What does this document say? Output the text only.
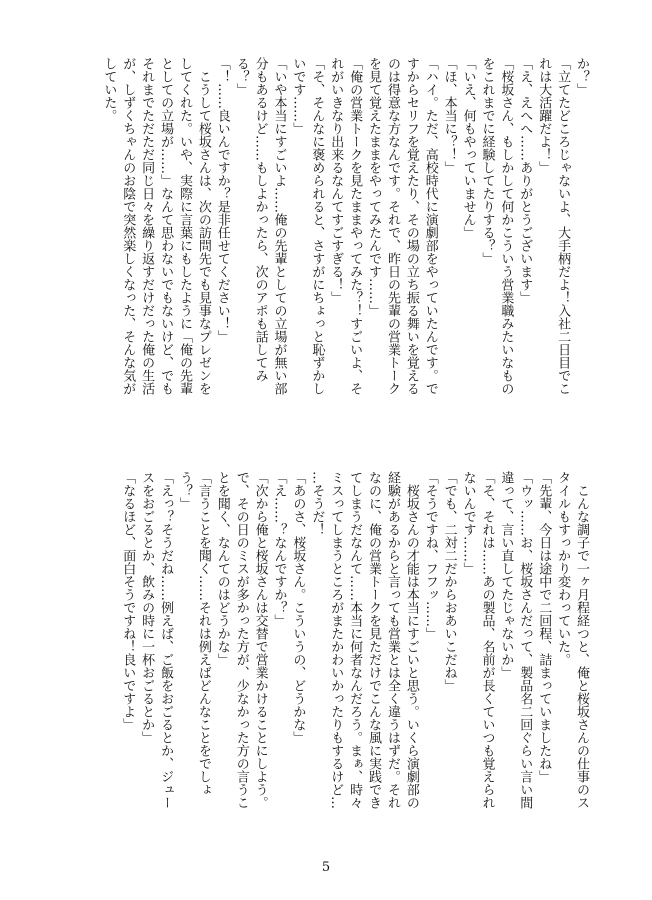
か？」
「立てたどころじゃないよ、大手柄だよ！入社二日目でこ
れは大活躍だよ！」
「え、えへへ……ありがとうございます」
「桜坂さん、もしかして何かこういう営業職みたいなもの
をこれまでに経験してたりする？」
「いえ、何もやっていません」
「ほ、本当に？！」
「ハイ。ただ、高校時代に演劇部をやっていたんです。で
すからセリフを覚えたり、その場の立ち振る舞いを覚える
のは得意な方なんです。それで、昨日の先輩の営業トーク
を見て覚えたままをやってみたんです……」
「俺の営業トークを見たままやってみた？！すごいよ、そ
れがいきなり出来るなんてすごすぎる！」
「そ、そんなに褒められると、さすがにちょっと恥ずかし
いです……」
「いや本当にすごいよ……俺の先輩としての立場が無い部
分もあるけど……もしよかったら、次のアポも話してみ
る？」
「！……良いんですか？是非任せてください！」
　こうして桜坂さんは、次の訪問先でも見事なプレゼンを
してくれた。いや、実際に言葉にもしたように「俺の先輩
としての立場が……」なんて思わないでもないけど、でも
それまでただただ同じ日々を繰り返すだけだった俺の生活
が、しずくちゃんのお陰で突然楽しくなった、そんな気が
していた。
　こんな調子で一ヶ月程経つと、俺と桜坂さんの仕事のス
タイルもすっかり変わっていた。
「先輩、今日は途中で二回程、詰まっていましたね」
「ウッ……お、桜坂さんだって、製品名二回ぐらい言い間
違って、言い直してたじゃないか」
「そ、それは……あの製品、名前が長くていつも覚えられ
ないんです……」
「でも、二対二だからおあいこだね」
「そうですね、フフッ……」
　桜坂さんの才能は本当にすごいと思う。いくら演劇部の
経験があるからと言っても営業とは全く違うはずだ。それ
なのに、俺の営業トークを見ただけでこんな風に実践でき
てしまうだなんて……本当に何者なんだろう。まぁ、時々
ミスってしまうところがまたかわいかったりもするけど…
…そうだ！
「あのさ、桜坂さん。こういうの、どうかな」
「え……？なんですか？」
「次から俺と桜坂さんは交替で営業かけることにしよう。
で、その日のミスが多かった方が、少なかった方の言うこ
とを聞く、なんてのはどうかな」
「言うことを聞く……それは例えばどんなことをでしょ
う？」
「えっ？そうだね……例えば、ご飯をおごるとか、ジュー
スをおごるとか、飲みの時に一杯おごるとか」
「なるほど、面白そうですね！良いですよ」
5
